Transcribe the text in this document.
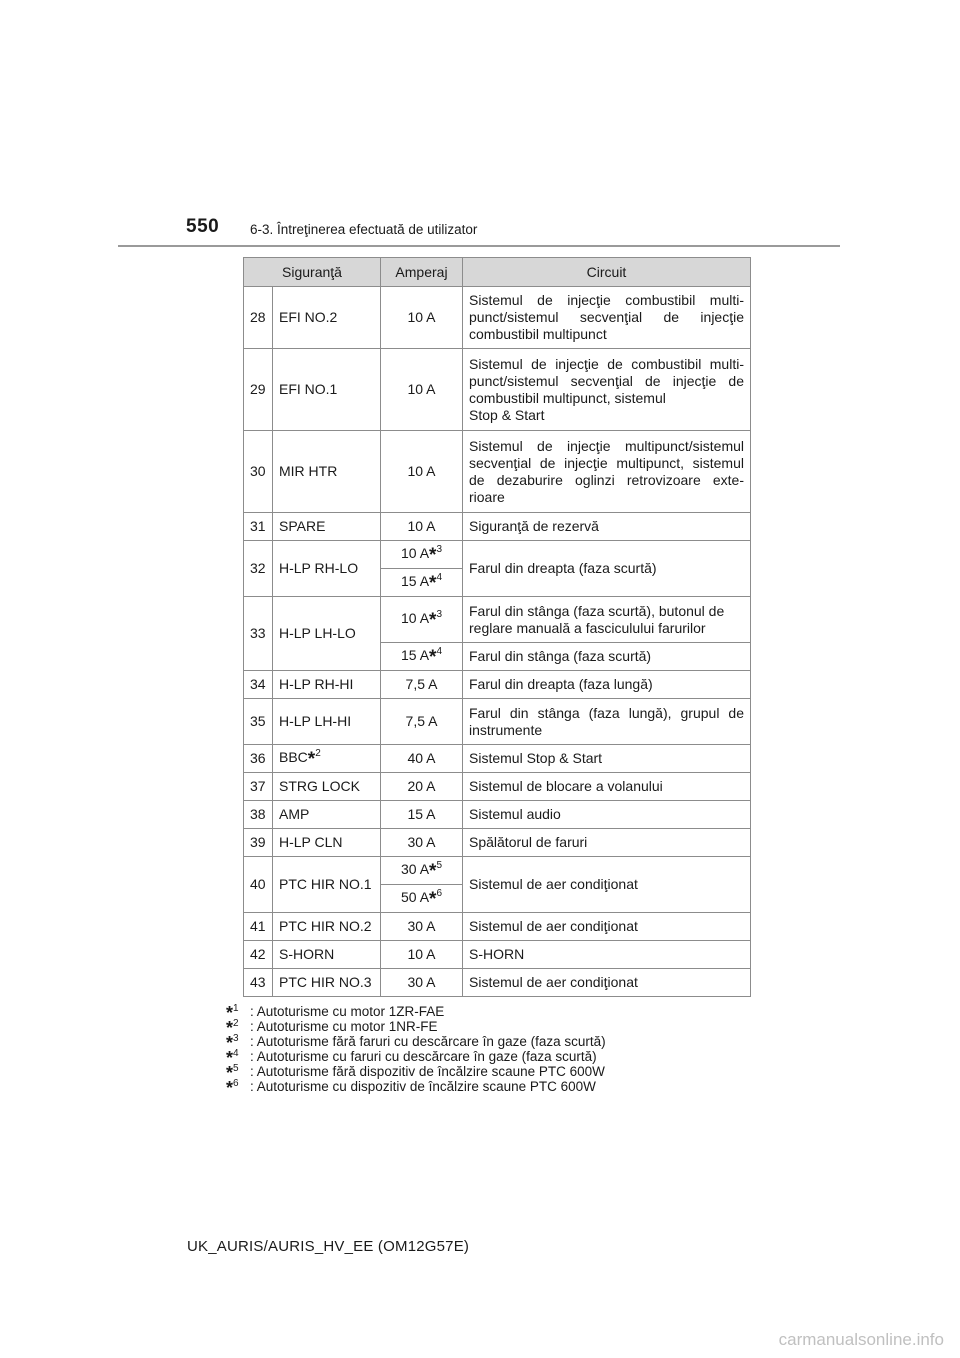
550 6-3. Întreţinerea efectuată de utilizator
Siguranţă		Amperaj	Circuit
28	EFI NO.2	10 A	Sistemul de injecţie combustibil multi-punct/sistemul secvenţial de injecţie combustibil multipunct
29	EFI NO.1	10 A	Sistemul de injecţie de combustibil multi-punct/sistemul secvenţial de injecţie de combustibil multipunct, sistemul
Stop & Start
30	MIR HTR	10 A	Sistemul de injecţie multipunct/sistemul secvenţial de injecţie multipunct, sistemul de dezaburire oglinzi retrovizoare exte-rioare
31	SPARE	10 A	Siguranţă de rezervă
32	H-LP RH-LO	10 A*$^3$	Farul din dreapta (faza scurtă)
		15 A*$^4$
33	H-LP LH-LO	10 A*$^3$	Farul din stânga (faza scurtă), butonul de reglare manuală a fasciculului farurilor
		15 A*$^4$	Farul din stânga (faza scurtă)
34	H-LP RH-HI	7,5 A	Farul din dreapta (faza lungă)
35	H-LP LH-HI	7,5 A	Farul din stânga (faza lungă), grupul de instrumente
36	BBC*$^2$	40 A	Sistemul Stop & Start
37	STRG LOCK	20 A	Sistemul de blocare a volanului
38	AMP	15 A	Sistemul audio
39	H-LP CLN	30 A	Spălătorul de faruri
40	PTC HIR NO.1	30 A*$^5$	Sistemul de aer condiţionat
		50 A*$^6$
41	PTC HIR NO.2	30 A	Sistemul de aer condiţionat
42	S-HORN	10 A	S-HORN
43	PTC HIR NO.3	30 A	Sistemul de aer condiţionat
*$^1$ : Autoturisme cu motor 1ZR-FAE
*$^2$ : Autoturisme cu motor 1NR-FE
*$^3$ : Autoturisme fără faruri cu descărcare în gaze (faza scurtă)
*$^4$ : Autoturisme cu faruri cu descărcare în gaze (faza scurtă)
*$^5$ : Autoturisme fără dispozitiv de încălzire scaune PTC 600W
*$^6$ : Autoturisme cu dispozitiv de încălzire scaune PTC 600W
UK_AURIS/AURIS_HV_EE (OM12G57E)
carmanualsonline.info
